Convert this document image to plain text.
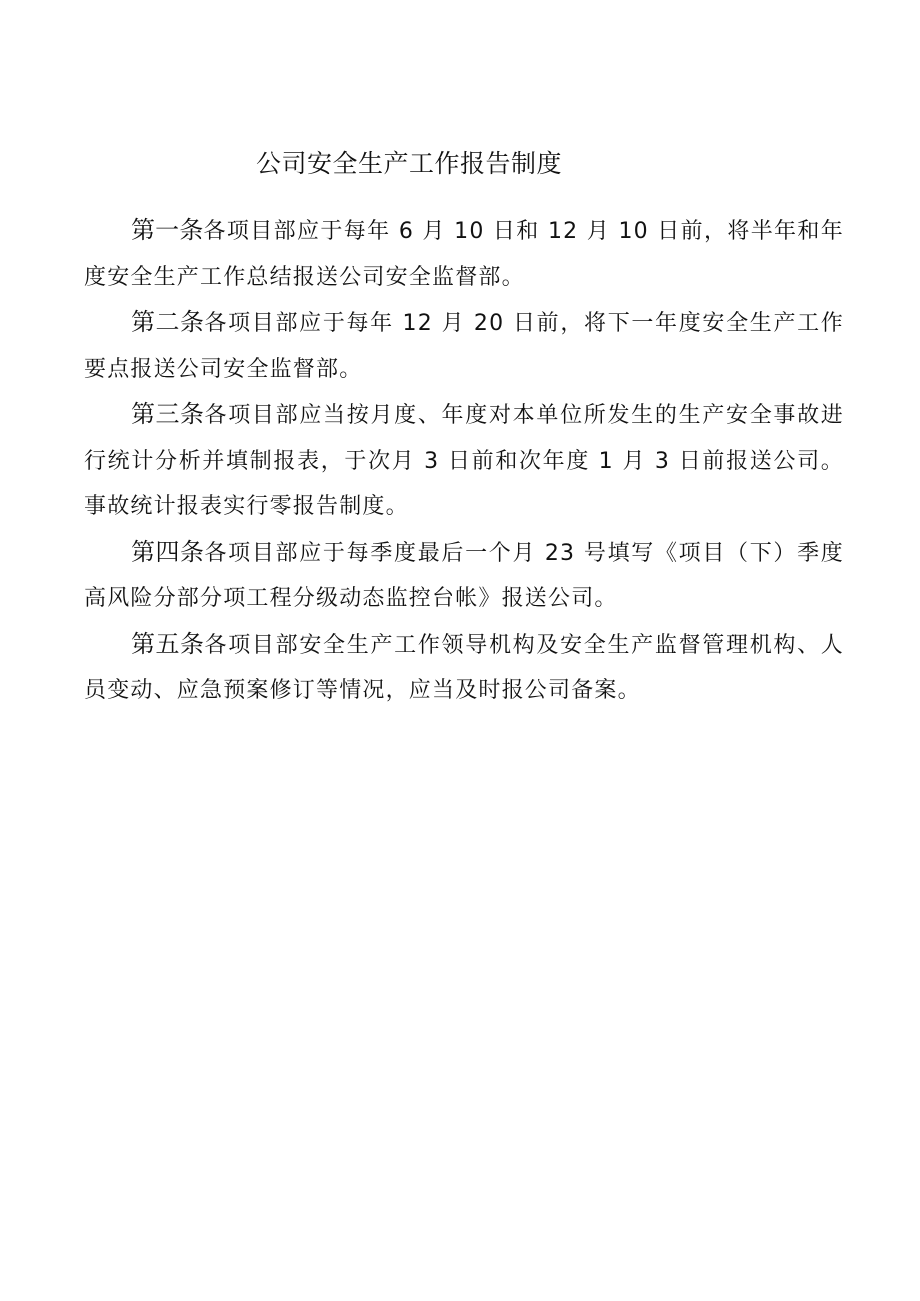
公司安全生产工作报告制度

第一条各项目部应于每年 6 月 10 日和 12 月 10 日前，将半年和年度安全生产工作总结报送公司安全监督部。

第二条各项目部应于每年 12 月 20 日前，将下一年度安全生产工作要点报送公司安全监督部。

第三条各项目部应当按月度、年度对本单位所发生的生产安全事故进行统计分析并填制报表，于次月 3 日前和次年度 1 月 3 日前报送公司。事故统计报表实行零报告制度。

第四条各项目部应于每季度最后一个月 23 号填写《项目（下）季度高风险分部分项工程分级动态监控台帐》报送公司。

第五条各项目部安全生产工作领导机构及安全生产监督管理机构、人员变动、应急预案修订等情况，应当及时报公司备案。
